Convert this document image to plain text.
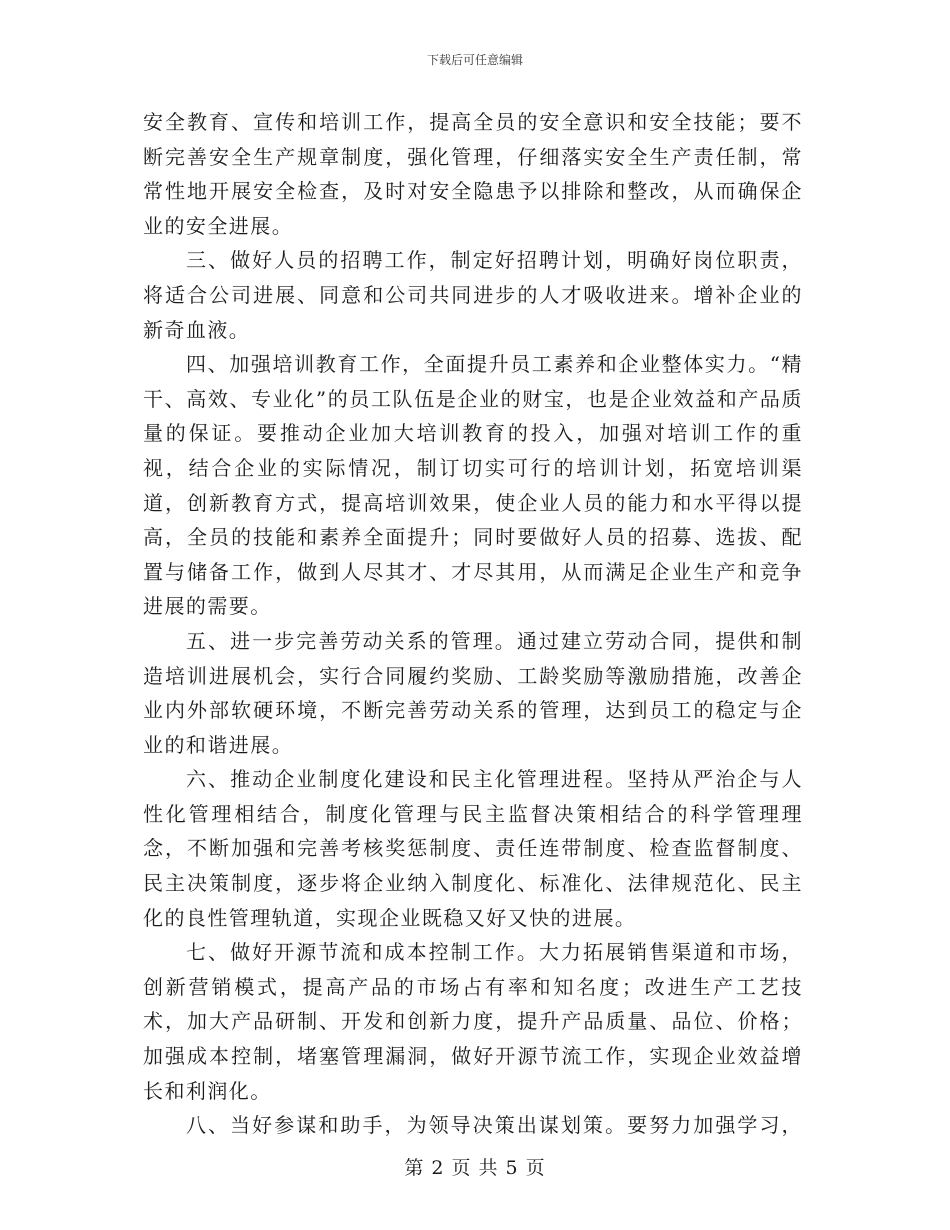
下载后可任意编辑

安全教育、宣传和培训工作，提高全员的安全意识和安全技能；要不断完善安全生产规章制度，强化管理，仔细落实安全生产责任制，常常性地开展安全检查，及时对安全隐患予以排除和整改，从而确保企业的安全进展。

三、做好人员的招聘工作，制定好招聘计划，明确好岗位职责，将适合公司进展、同意和公司共同进步的人才吸收进来。增补企业的新奇血液。

四、加强培训教育工作，全面提升员工素养和企业整体实力。“精干、高效、专业化”的员工队伍是企业的财宝，也是企业效益和产品质量的保证。要推动企业加大培训教育的投入，加强对培训工作的重视，结合企业的实际情况，制订切实可行的培训计划，拓宽培训渠道，创新教育方式，提高培训效果，使企业人员的能力和水平得以提高，全员的技能和素养全面提升；同时要做好人员的招募、选拔、配置与储备工作，做到人尽其才、才尽其用，从而满足企业生产和竞争进展的需要。

五、进一步完善劳动关系的管理。通过建立劳动合同，提供和制造培训进展机会，实行合同履约奖励、工龄奖励等激励措施，改善企业内外部软硬环境，不断完善劳动关系的管理，达到员工的稳定与企业的和谐进展。

六、推动企业制度化建设和民主化管理进程。坚持从严治企与人性化管理相结合，制度化管理与民主监督决策相结合的科学管理理念，不断加强和完善考核奖惩制度、责任连带制度、检查监督制度、民主决策制度，逐步将企业纳入制度化、标准化、法律规范化、民主化的良性管理轨道，实现企业既稳又好又快的进展。

七、做好开源节流和成本控制工作。大力拓展销售渠道和市场，创新营销模式，提高产品的市场占有率和知名度；改进生产工艺技术，加大产品研制、开发和创新力度，提升产品质量、品位、价格；加强成本控制，堵塞管理漏洞，做好开源节流工作，实现企业效益增长和利润化。

八、当好参谋和助手，为领导决策出谋划策。要努力加强学习，

第 2 页 共 5 页
